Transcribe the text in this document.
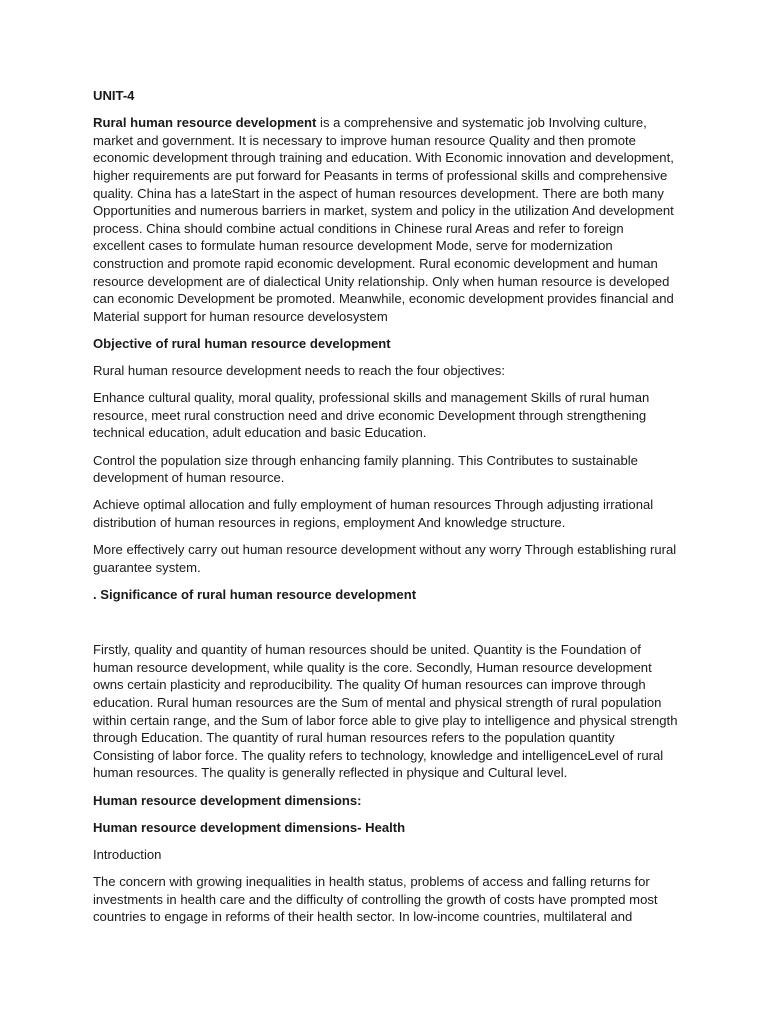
UNIT-4

Rural human resource development is a comprehensive and systematic job Involving culture, market and government. It is necessary to improve human resource Quality and then promote economic development through training and education. With Economic innovation and development, higher requirements are put forward for Peasants in terms of professional skills and comprehensive quality. China has a lateStart in the aspect of human resources development. There are both many Opportunities and numerous barriers in market, system and policy in the utilization And development process. China should combine actual conditions in Chinese rural Areas and refer to foreign excellent cases to formulate human resource development Mode, serve for modernization construction and promote rapid economic development. Rural economic development and human resource development are of dialectical Unity relationship. Only when human resource is developed can economic Development be promoted. Meanwhile, economic development provides financial and Material support for human resource develosystem

Objective of rural human resource development

Rural human resource development needs to reach the four objectives:

Enhance cultural quality, moral quality, professional skills and management Skills of rural human resource, meet rural construction need and drive economic Development through strengthening technical education, adult education and basic Education.

Control the population size through enhancing family planning. This Contributes to sustainable development of human resource.

Achieve optimal allocation and fully employment of human resources Through adjusting irrational distribution of human resources in regions, employment And knowledge structure.

More effectively carry out human resource development without any worry Through establishing rural guarantee system.

. Significance of rural human resource development

Firstly, quality and quantity of human resources should be united. Quantity is the Foundation of human resource development, while quality is the core. Secondly, Human resource development owns certain plasticity and reproducibility. The quality Of human resources can improve through education. Rural human resources are the Sum of mental and physical strength of rural population within certain range, and the Sum of labor force able to give play to intelligence and physical strength through Education. The quantity of rural human resources refers to the population quantity Consisting of labor force. The quality refers to technology, knowledge and intelligenceLevel of rural human resources. The quality is generally reflected in physique and Cultural level.

Human resource development dimensions:

Human resource development dimensions- Health

Introduction

The concern with growing inequalities in health status, problems of access and falling returns for investments in health care and the difficulty of controlling the growth of costs have prompted most countries to engage in reforms of their health sector. In low-income countries, multilateral and
